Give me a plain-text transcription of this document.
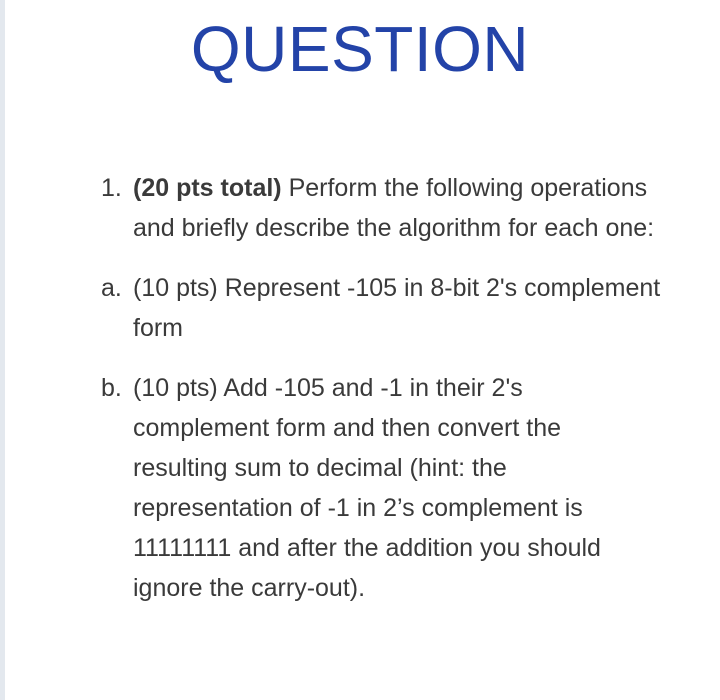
QUESTION
1. (20 pts total) Perform the following operations and briefly describe the algorithm for each one:
a. (10 pts) Represent -105 in 8-bit 2's complement form
b. (10 pts) Add -105 and -1 in their 2's complement form and then convert the resulting sum to decimal (hint: the representation of -1 in 2’s complement is 11111111 and after the addition you should ignore the carry-out).
